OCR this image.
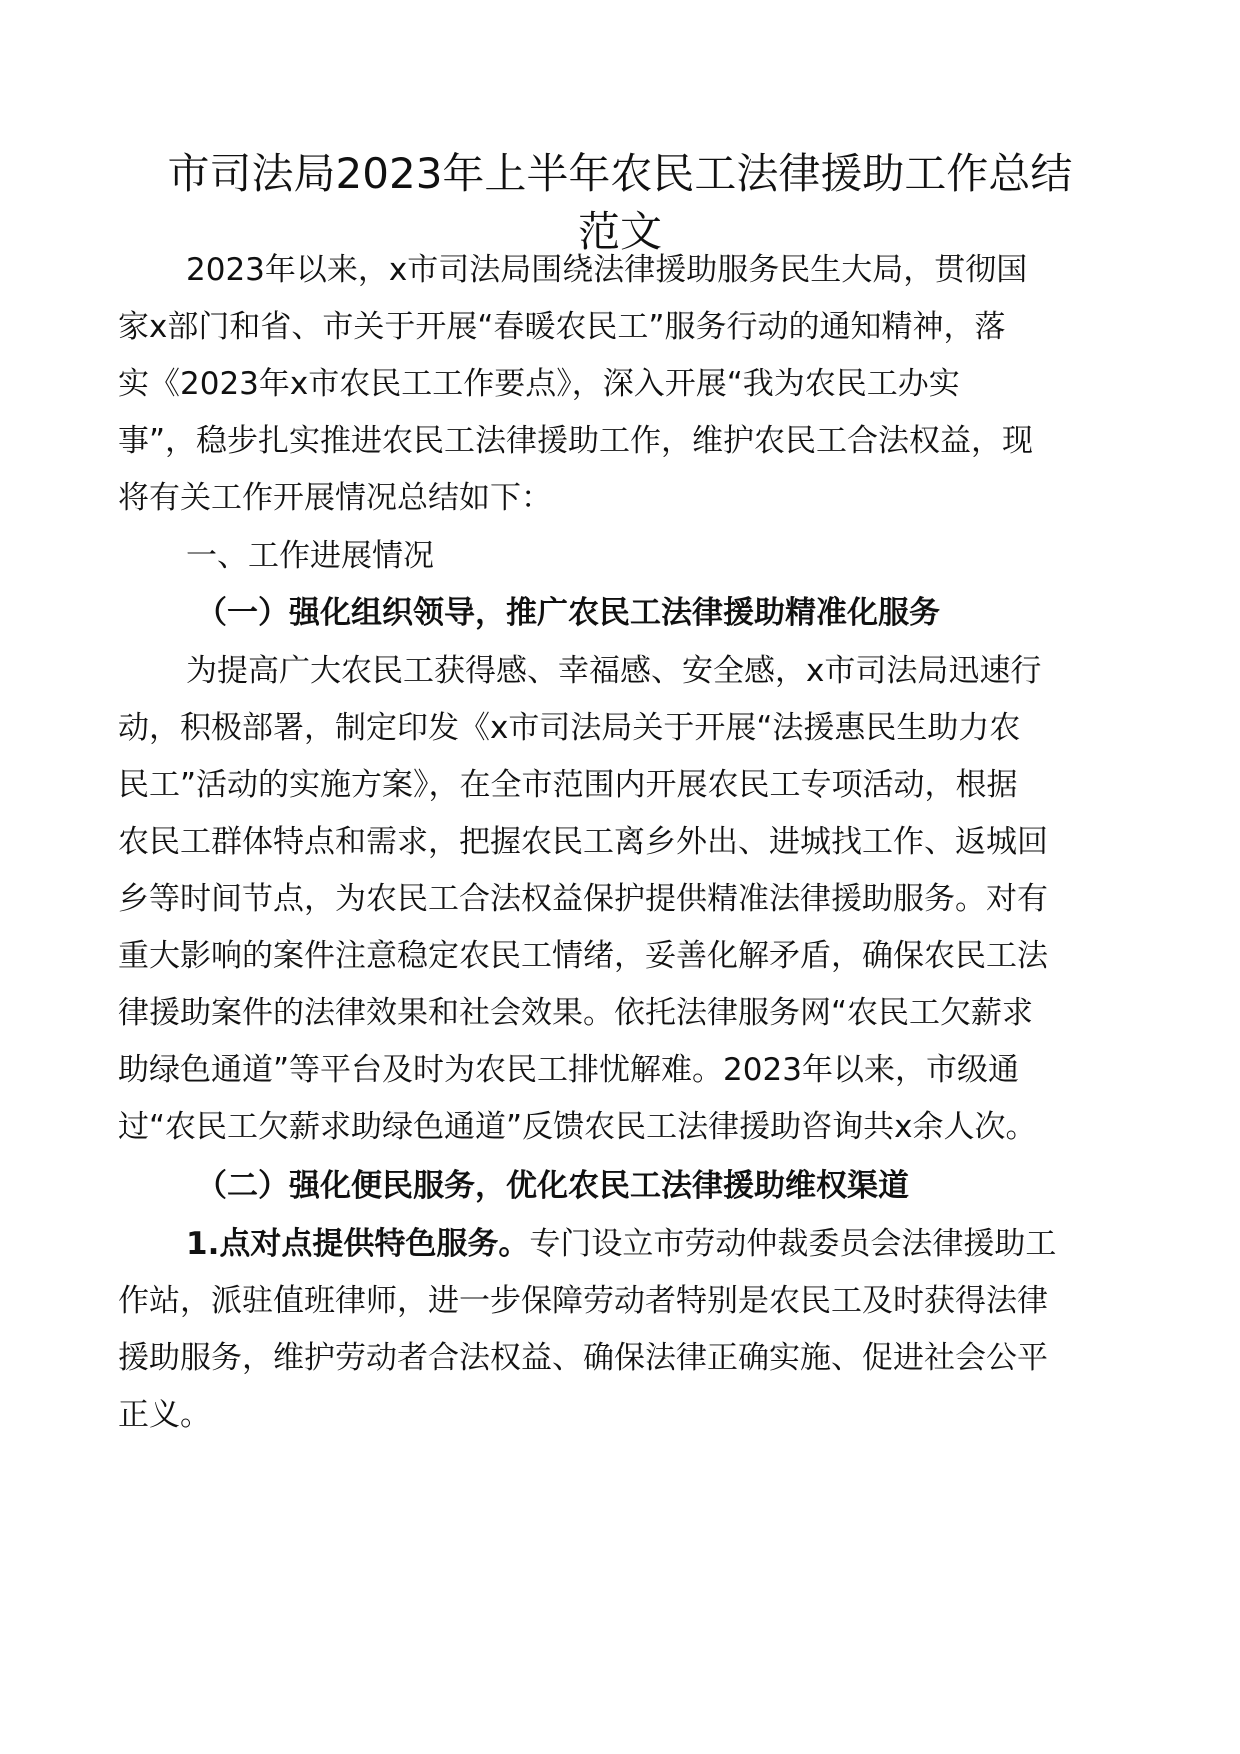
市司法局2023年上半年农民工法律援助工作总结
范文

2023年以来，x市司法局围绕法律援助服务民生大局，贯彻国

家x部门和省、市关于开展“春暖农民工”服务行动的通知精神，落

实《2023年x市农民工工作要点》，深入开展“我为农民工办实

事”，稳步扎实推进农民工法律援助工作，维护农民工合法权益，现

将有关工作开展情况总结如下：

一、工作进展情况

（一）强化组织领导，推广农民工法律援助精准化服务

为提高广大农民工获得感、幸福感、安全感，x市司法局迅速行

动，积极部署，制定印发《x市司法局关于开展“法援惠民生助力农

民工”活动的实施方案》，在全市范围内开展农民工专项活动，根据

农民工群体特点和需求，把握农民工离乡外出、进城找工作、返城回

乡等时间节点，为农民工合法权益保护提供精准法律援助服务。对有

重大影响的案件注意稳定农民工情绪，妥善化解矛盾，确保农民工法

律援助案件的法律效果和社会效果。依托法律服务网“农民工欠薪求

助绿色通道”等平台及时为农民工排忧解难。2023年以来，市级通

过“农民工欠薪求助绿色通道”反馈农民工法律援助咨询共x余人次。

（二）强化便民服务，优化农民工法律援助维权渠道

1.点对点提供特色服务。专门设立市劳动仲裁委员会法律援助工

作站，派驻值班律师，进一步保障劳动者特别是农民工及时获得法律

援助服务，维护劳动者合法权益、确保法律正确实施、促进社会公平

正义。
